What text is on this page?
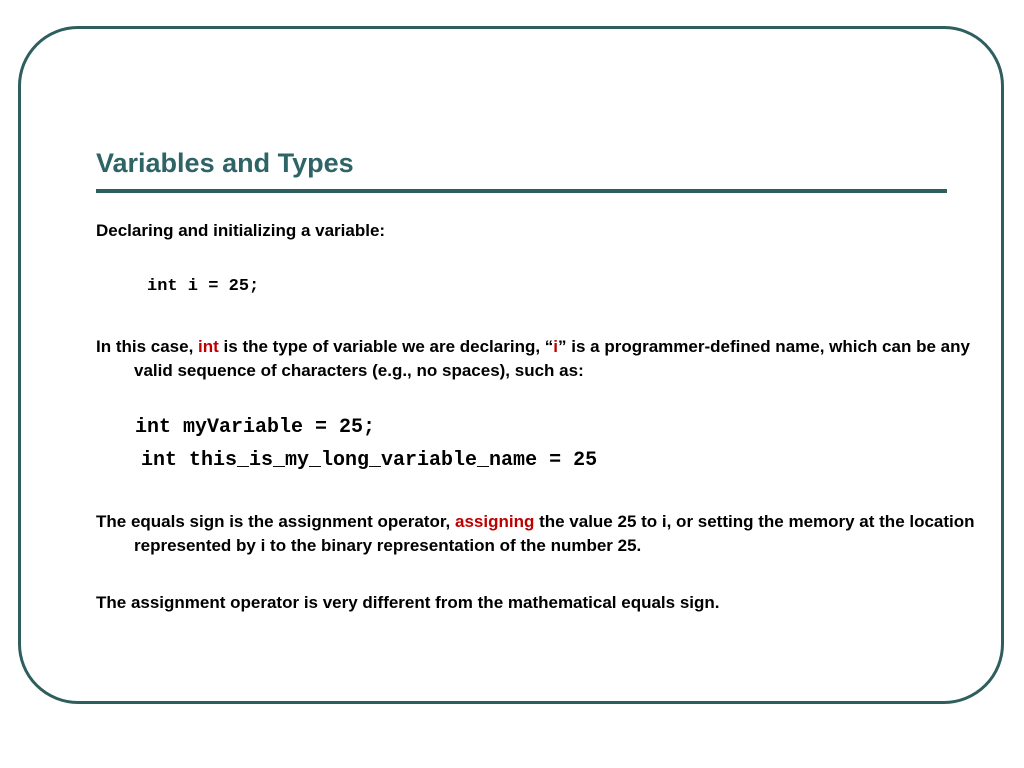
Variables and Types
Declaring and initializing a variable:
int i = 25;
In this case, int is the type of variable we are declaring, “i” is a programmer-defined name, which can be any valid sequence of characters (e.g., no spaces), such as:
int myVariable = 25;
int this_is_my_long_variable_name = 25
The equals sign is the assignment operator, assigning the value 25 to i, or setting the memory at the location represented by i to the binary representation of the number 25.
The assignment operator is very different from the mathematical equals sign.
